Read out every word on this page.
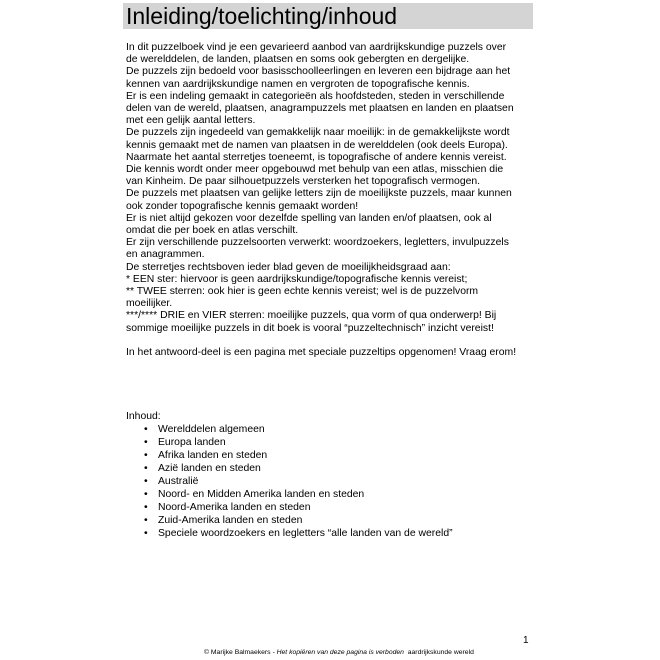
Inleiding/toelichting/inhoud

In dit puzzelboek vind je een gevarieerd aanbod van aardrijkskundige puzzels over

de werelddelen, de landen, plaatsen en soms ook gebergten en dergelijke.

De puzzels zijn bedoeld voor basisschoolleerlingen en leveren een bijdrage aan het

kennen van aardrijkskundige namen en vergroten de topografische kennis.

Er is een indeling gemaakt in categorieën als hoofdsteden, steden in verschillende

delen van de wereld, plaatsen, anagrampuzzels met plaatsen en landen en plaatsen

met een gelijk aantal letters.

De puzzels zijn ingedeeld van gemakkelijk naar moeilijk: in de gemakkelijkste wordt

kennis gemaakt met de namen van plaatsen in de werelddelen (ook deels Europa).

Naarmate het aantal sterretjes toeneemt, is topografische of andere kennis vereist.

Die kennis wordt onder meer opgebouwd met behulp van een atlas, misschien die

van Kinheim. De paar silhouetpuzzels versterken het topografisch vermogen.

De puzzels met plaatsen van gelijke letters zijn de moeilijkste puzzels, maar kunnen

ook zonder topografische kennis gemaakt worden!

Er is niet altijd gekozen voor dezelfde spelling van landen en/of plaatsen, ook al

omdat die per boek en atlas verschilt.

Er zijn verschillende puzzelsoorten verwerkt: woordzoekers, legletters, invulpuzzels

en anagrammen.

De sterretjes rechtsboven ieder blad geven de moeilijkheidsgraad aan:

* EEN ster: hiervoor is geen aardrijkskundige/topografische kennis vereist;

** TWEE sterren: ook hier is geen echte kennis vereist; wel is de puzzelvorm

moeilijker.

***/**** DRIE en VIER sterren: moeilijke puzzels, qua vorm of qua onderwerp! Bij

sommige moeilijke puzzels in dit boek is vooral “puzzeltechnisch” inzicht vereist!

In het antwoord-deel is een pagina met speciale puzzeltips opgenomen! Vraag erom!

Inhoud:

• Werelddelen algemeen
• Europa landen
• Afrika landen en steden
• Azië landen en steden
• Australië
• Noord- en Midden Amerika landen en steden
• Noord-Amerika landen en steden
• Zuid-Amerika landen en steden
• Speciele woordzoekers en legletters “alle landen van de wereld”
1
© Marijke Balmaekers - Het kopiëren van deze pagina is verboden aardrijkskunde wereld
